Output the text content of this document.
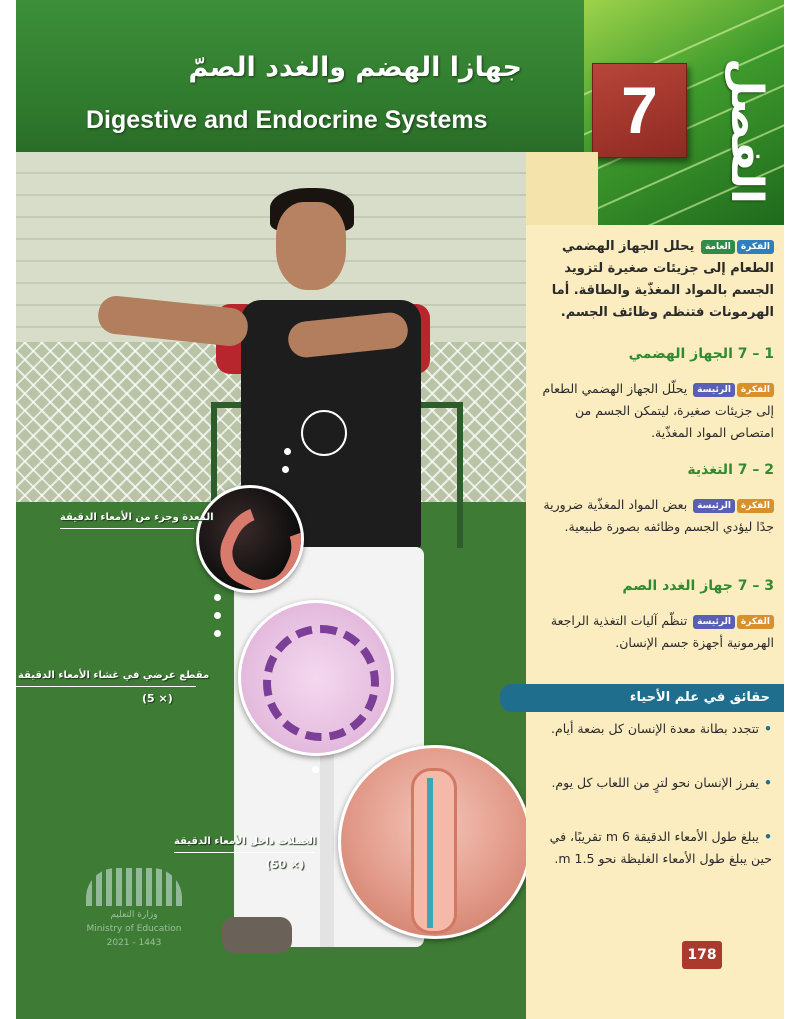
جهازا الهضم والغدد الصمّ
Digestive and Endocrine Systems	7	الفصل
المعدة وجزء من الأمعاء الدقيقة
مقطع عرضي في غشاء الأمعاء الدقيقة
(5 ×)
الخملات داخل الأمعاء الدقيقة
(50 ×)
وزارة التعليم
Ministry of Education
2021 - 1443
الفكرةالعامة يحلل الجهاز الهضمي الطعام إلى جزيئات صغيرة لتزويد الجسم بالمواد المغذّية والطاقة. أما الهرمونات فتنظم وظائف الجسم.
1 – 7 الجهاز الهضمي
الفكرةالرئيسة يحلّل الجهاز الهضمي الطعام إلى جزيئات صغيرة، ليتمكن الجسم من امتصاص المواد المغذّية.
2 – 7 التغذية
الفكرةالرئيسة بعض المواد المغذّية ضرورية جدًا ليؤدي الجسم وظائفه بصورة طبيعية.
3 – 7 جهاز الغدد الصم
الفكرةالرئيسة تنظّم آليات التغذية الراجعة الهرمونية أجهزة جسم الإنسان.
حقائق في علم الأحياء
•تتجدد بطانة معدة الإنسان كل بضعة أيام.
•يفرز الإنسان نحو لترٍ من اللعاب كل يوم.
•يبلغ طول الأمعاء الدقيقة 6 m تقريبًا، في حين يبلغ طول الأمعاء الغليظة نحو 1.5 m.
178
